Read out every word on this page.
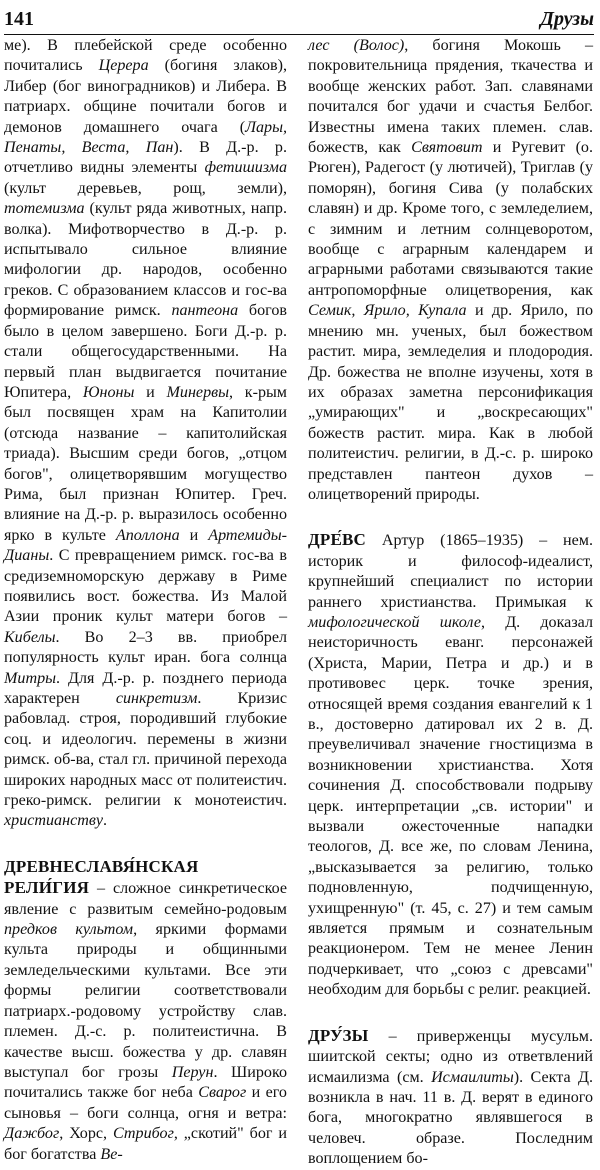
141	Друзы

ме). В плебейской среде особенно почитались Церера (богиня злаков), Либер (бог виноградников) и Либера. В патриарх. общине почитали богов и демонов домашнего очага (Лары, Пенаты, Веста, Пан). В Д.-р. р. отчетливо видны элементы фетишизма (культ деревьев, рощ, земли), тотемизма (культ ряда животных, напр. волка). Мифотворчество в Д.-р. р. испытывало сильное влияние мифологии др. народов, особенно греков. С образованием классов и гос-ва формирование римск. пантеона богов было в целом завершено. Боги Д.-р. р. стали общегосударственными. На первый план выдвигается почитание Юпитера, Юноны и Минервы, к-рым был посвящен храм на Капитолии (отсюда название – капитолийская триада). Высшим среди богов, „отцом богов", олицетворявшим могущество Рима, был признан Юпитер. Греч. влияние на Д.-р. р. выразилось особенно ярко в культе Аполлона и Артемиды-Дианы. С превращением римск. гос-ва в средиземноморскую державу в Риме появились вост. божества. Из Малой Азии проник культ матери богов – Кибелы. Во 2–3 вв. приобрел популярность культ иран. бога солнца Митры. Для Д.-р. р. позднего периода характерен синкретизм. Кризис рабовлад. строя, породивший глубокие соц. и идеологич. перемены в жизни римск. об-ва, стал гл. причиной перехода широких народных масс от политеистич. греко-римск. религии к монотеистич. христианству.

ДРЕВНЕСЛАВЯ́НСКАЯ РЕЛИ́ГИЯ – сложное синкретическое явление с развитым семейно-родовым предков культом, яркими формами культа природы и общинными земледельческими культами. Все эти формы религии соответствовали патриарх.-родовому устройству слав. племен. Д.-с. р. политеистична. В качестве высш. божества у др. славян выступал бог грозы Перун. Широко почитались также бог неба Сварог и его сыновья – боги солнца, огня и ветра: Дажбог, Хорс, Стрибог, „скотий" бог и бог богатства Ве-

лес (Волос), богиня Мокошь – покровительница прядения, ткачества и вообще женских работ. Зап. славянами почитался бог удачи и счастья Белбог. Известны имена таких племен. слав. божеств, как Святовит и Ругевит (о. Рюген), Радегост (у лютичей), Триглав (у поморян), богиня Сива (у полабских славян) и др. Кроме того, с земледелием, с зимним и летним солнцеворотом, вообще с аграрным календарем и аграрными работами связываются такие антропоморфные олицетворения, как Семик, Ярило, Купала и др. Ярило, по мнению мн. ученых, был божеством растит. мира, земледелия и плодородия. Др. божества не вполне изучены, хотя в их образах заметна персонификация „умирающих" и „воскресающих" божеств растит. мира. Как в любой политеистич. религии, в Д.-с. р. широко представлен пантеон духов – олицетворений природы.

ДРЕ́ВС Артур (1865–1935) – нем. историк и философ-идеалист, крупнейший специалист по истории раннего христианства. Примыкая к мифологической школе, Д. доказал неисторичность еванг. персонажей (Христа, Марии, Петра и др.) и в противовес церк. точке зрения, относящей время создания евангелий к 1 в., достоверно датировал их 2 в. Д. преувеличивал значение гностицизма в возникновении христианства. Хотя сочинения Д. способствовали подрыву церк. интерпретации „св. истории" и вызвали ожесточенные нападки теологов, Д. все же, по словам Ленина, „высказывается за религию, только подновленную, подчищенную, ухищренную" (т. 45, с. 27) и тем самым является прямым и сознательным реакционером. Тем не менее Ленин подчеркивает, что „союз с древсами" необходим для борьбы с религ. реакцией.

ДРУ́ЗЫ – приверженцы мусульм. шиитской секты; одно из ответвлений исмаилизма (см. Исмаилиты). Секта Д. возникла в нач. 11 в. Д. верят в единого бога, многократно являвшегося в человеч. образе. Последним воплощением бо-
